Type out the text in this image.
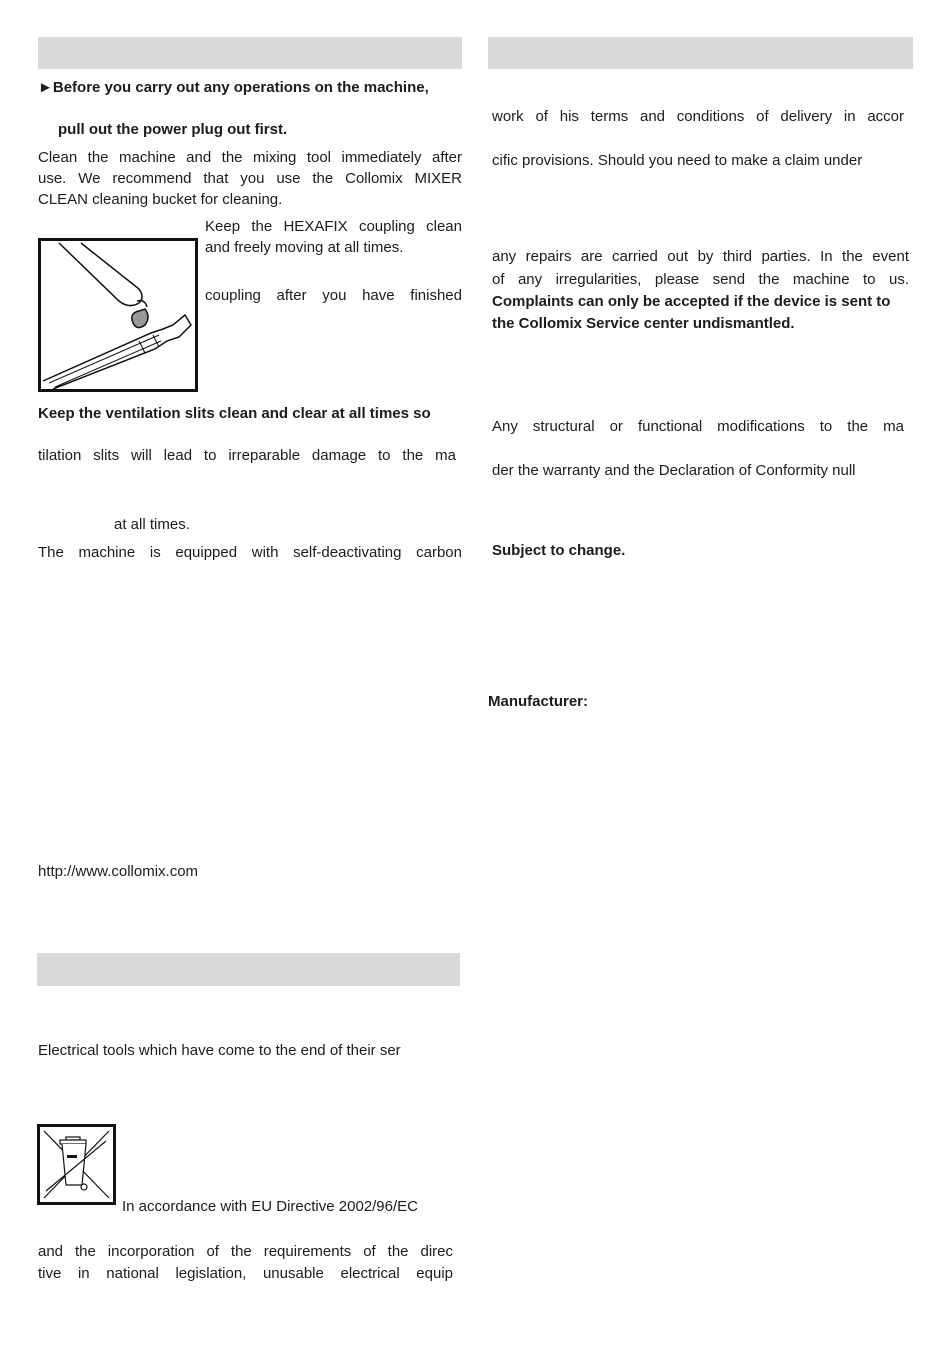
►Before you carry out any operations on the machine,
pull out the power plug out first.
Clean the machine and the mixing tool immediately after
use. We recommend that you use the Collomix MIXER
CLEAN cleaning bucket for cleaning.
Keep the HEXAFIX coupling clean
and freely moving at all times.
coupling after you have finished
Keep the ventilation slits clean and clear at all times so
tilation slits will lead to irreparable damage to the ma
at all times.
The machine is equipped with self-deactivating carbon
http://www.collomix.com
Electrical tools which have come to the end of their ser
In accordance with EU Directive 2002/96/EC
and the incorporation of the requirements of the direc
tive in national legislation, unusable electrical equip
work of his terms and conditions of delivery in accor
cific provisions. Should you need to make a claim under
any repairs are carried out by third parties. In the event
of any irregularities, please send the machine to us.
Complaints can only be accepted if the device is sent to
the Collomix Service center undismantled.
Any structural or functional modifications to the ma
der the warranty and the Declaration of Conformity null
Subject to change.
Manufacturer:
